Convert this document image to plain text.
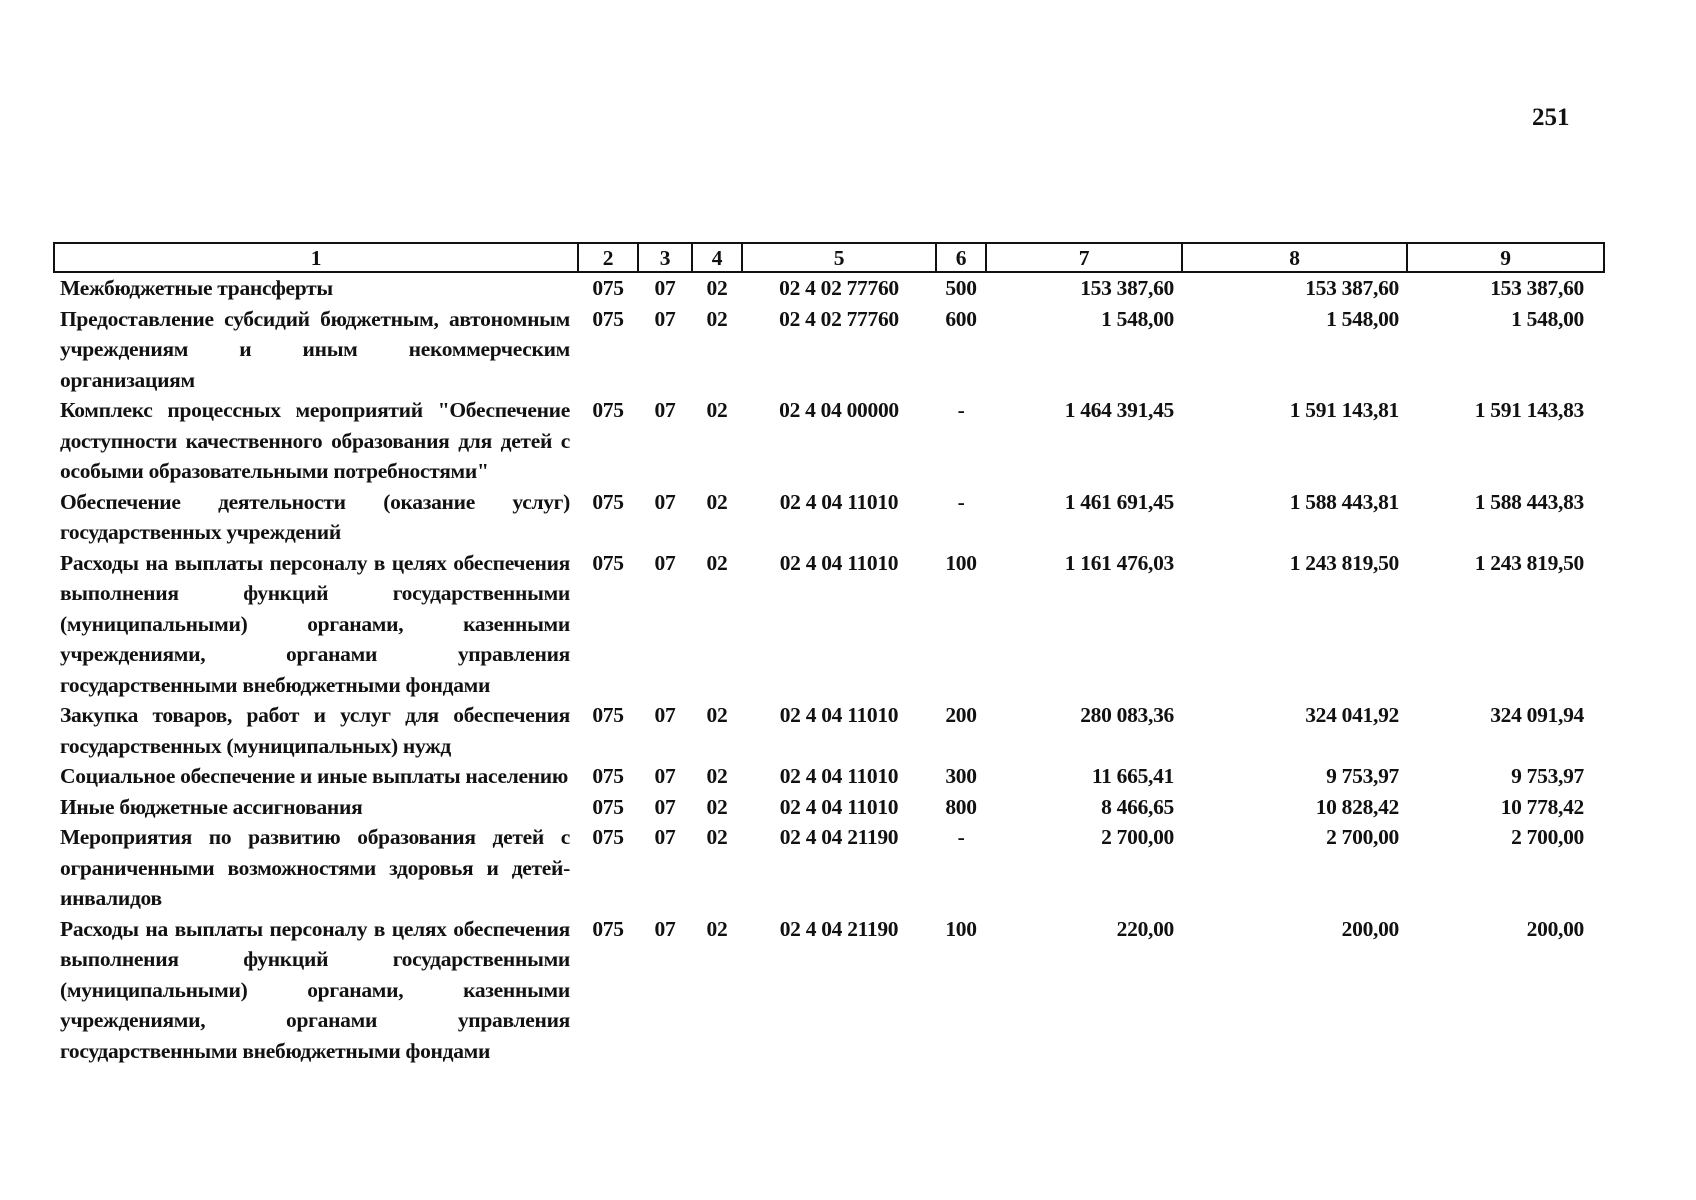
251
1	2	3	4	5	6	7	8	9

Межбюджетные трансферты	075	07	02	02 4 02 77760	500	153 387,60	153 387,60	153 387,60

Предоставление субсидий бюджетным, автономным учреждениям и иным некоммерческим организациям	075	07	02	02 4 02 77760	600	1 548,00	1 548,00	1 548,00

Комплекс процессных мероприятий "Обеспечение доступности качественного образования для детей с особыми образовательными потребностями"	075	07	02	02 4 04 00000	-	1 464 391,45	1 591 143,81	1 591 143,83

Обеспечение деятельности (оказание услуг) государственных учреждений	075	07	02	02 4 04 11010	-	1 461 691,45	1 588 443,81	1 588 443,83

Расходы на выплаты персоналу в целях обеспечения выполнения функций государственными (муниципальными) органами, казенными учреждениями, органами управления государственными внебюджетными фондами	075	07	02	02 4 04 11010	100	1 161 476,03	1 243 819,50	1 243 819,50

Закупка товаров, работ и услуг для обеспечения государственных (муниципальных) нужд	075	07	02	02 4 04 11010	200	280 083,36	324 041,92	324 091,94

Социальное обеспечение и иные выплаты населению	075	07	02	02 4 04 11010	300	11 665,41	9 753,97	9 753,97

Иные бюджетные ассигнования	075	07	02	02 4 04 11010	800	8 466,65	10 828,42	10 778,42

Мероприятия по развитию образования детей с ограниченными возможностями здоровья и детей-инвалидов	075	07	02	02 4 04 21190	-	2 700,00	2 700,00	2 700,00

Расходы на выплаты персоналу в целях обеспечения выполнения функций государственными (муниципальными) органами, казенными учреждениями, органами управления государственными внебюджетными фондами	075	07	02	02 4 04 21190	100	220,00	200,00	200,00
